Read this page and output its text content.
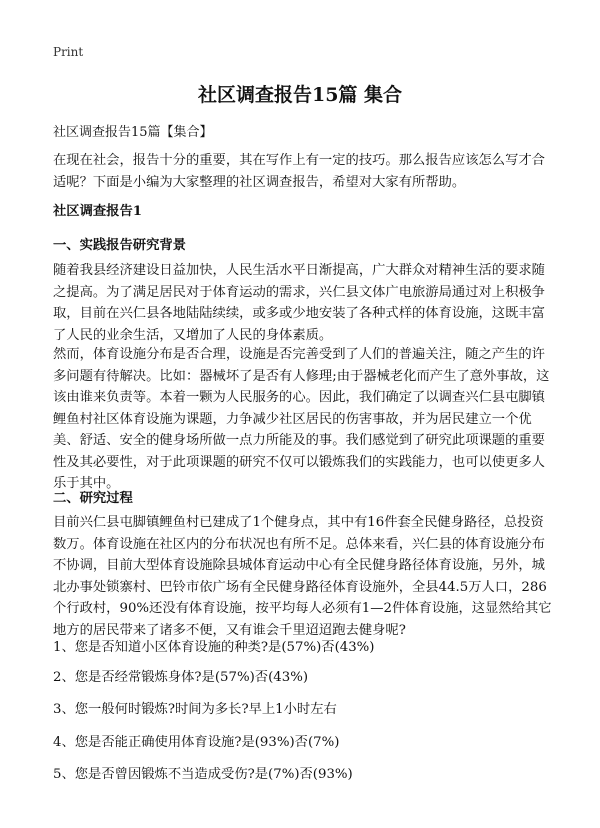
Print
社区调查报告15篇 集合
社区调查报告15篇【集合】
在现在社会，报告十分的重要，其在写作上有一定的技巧。那么报告应该怎么写才合适呢？下面是小编为大家整理的社区调查报告，希望对大家有所帮助。
社区调查报告1
一、实践报告研究背景
随着我县经济建设日益加快，人民生活水平日渐提高，广大群众对精神生活的要求随之提高。为了满足居民对于体育运动的需求，兴仁县文体广电旅游局通过对上积极争取，目前在兴仁县各地陆陆续续，或多或少地安装了各种式样的体育设施，这既丰富了人民的业余生活，又增加了人民的身体素质。
然而，体育设施分布是否合理，设施是否完善受到了人们的普遍关注，随之产生的许多问题有待解决。比如：器械坏了是否有人修理;由于器械老化而产生了意外事故，这该由谁来负责等。本着一颗为人民服务的心。因此，我们确定了以调查兴仁县屯脚镇鲤鱼村社区体育设施为课题，力争减少社区居民的伤害事故，并为居民建立一个优美、舒适、安全的健身场所做一点力所能及的事。我们感觉到了研究此项课题的重要性及其必要性，对于此项课题的研究不仅可以锻炼我们的实践能力，也可以使更多人乐于其中。
二、研究过程
目前兴仁县屯脚镇鲤鱼村已建成了1个健身点，其中有16件套全民健身路径，总投资数万。体育设施在社区内的分布状况也有所不足。总体来看，兴仁县的体育设施分布不协调，目前大型体育设施除县城体育运动中心有全民健身路径体育设施，另外，城北办事处锁寨村、巴铃市依广场有全民健身路径体育设施外，全县44.5万人口，286个行政村，90%还没有体育设施，按平均每人必须有1—2件体育设施，这显然给其它地方的居民带来了诸多不便，又有谁会千里迢迢跑去健身呢?
1、您是否知道小区体育设施的种类?是(57%)否(43%)
2、您是否经常锻炼身体?是(57%)否(43%)
3、您一般何时锻炼?时间为多长?早上1小时左右
4、您是否能正确使用体育设施?是(93%)否(7%)
5、您是否曾因锻炼不当造成受伤?是(7%)否(93%)
